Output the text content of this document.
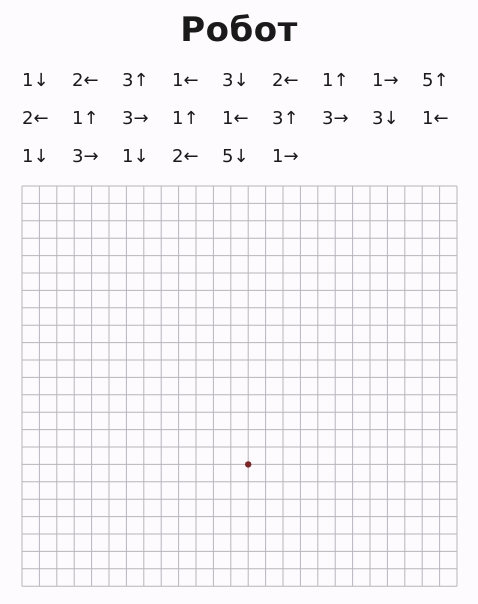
Робот
1↓ 2← 3↑ 1← 3↓ 2← 1↑ 1→ 5↑
2← 1↑ 3→ 1↑ 1← 3↑ 3→ 3↓ 1←
1↓ 3→ 1↓ 2← 5↓ 1→
